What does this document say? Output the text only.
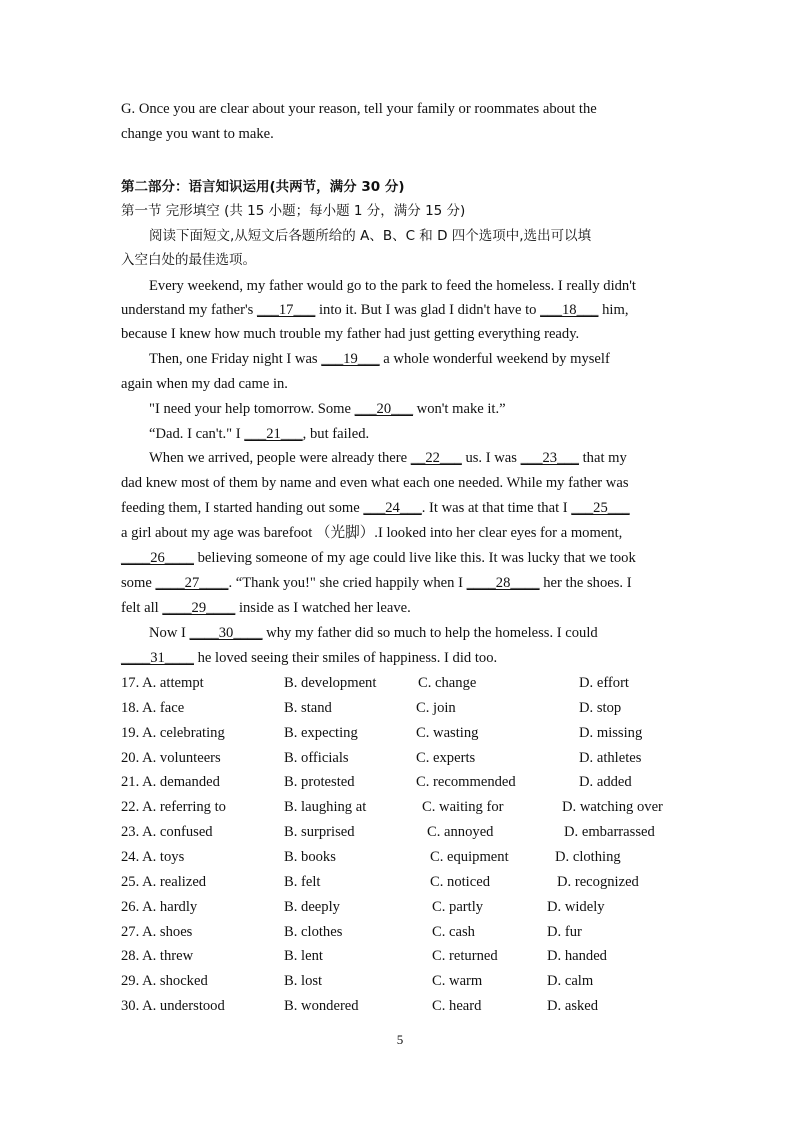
G. Once you are clear about your reason, tell your family or roommates about the
change you want to make.
第二部分：语言知识运用(共两节，满分 30 分)
第一节 完形填空 (共 15 小题；每小题 1 分，满分 15 分)
阅读下面短文,从短文后各题所给的 A、B、C 和 D 四个选项中,选出可以填
入空白处的最佳选项。
Every weekend, my father would go to the park to feed the homeless. I really didn't
understand my father's ___17___ into it. But I was glad I didn't have to ___18___ him,
because I knew how much trouble my father had just getting everything ready.
Then, one Friday night I was ___19___ a whole wonderful weekend by myself
again when my dad came in.
"I need your help tomorrow. Some ___20___ won't make it.”
“Dad. I can't." I ___21___, but failed.
When we arrived, people were already there __22___ us. I was ___23___ that my
dad knew most of them by name and even what each one needed. While my father was
feeding them, I started handing out some ___24___. It was at that time that I ___25___
a girl about my age was barefoot （光脚）.I looked into her clear eyes for a moment,
____26____ believing someone of my age could live like this. It was lucky that we took
some ____27____. “Thank you!" she cried happily when I ____28____ her the shoes. I
felt all ____29____ inside as I watched her leave.
Now I ____30____ why my father did so much to help the homeless. I could
____31____ he loved seeing their smiles of happiness. I did too.
17. A. attempt	B. development	C. change	D. effort
18. A. face	B. stand	C. join	D. stop
19. A. celebrating	B. expecting	C. wasting	D. missing
20. A. volunteers	B. officials	C. experts	D. athletes
21. A. demanded	B. protested	C. recommended	D. added
22. A. referring to	B. laughing at	C. waiting for	D. watching over
23. A. confused	B. surprised	C. annoyed	D. embarrassed
24. A. toys	B. books	C. equipment	D. clothing
25. A. realized	B. felt	C. noticed	D. recognized
26. A. hardly	B. deeply	C. partly	D. widely
27. A. shoes	B. clothes	C. cash	D. fur
28. A. threw	B. lent	C. returned	D. handed
29. A. shocked	B. lost	C. warm	D. calm
30. A. understood	B. wondered	C. heard	D. asked
5
